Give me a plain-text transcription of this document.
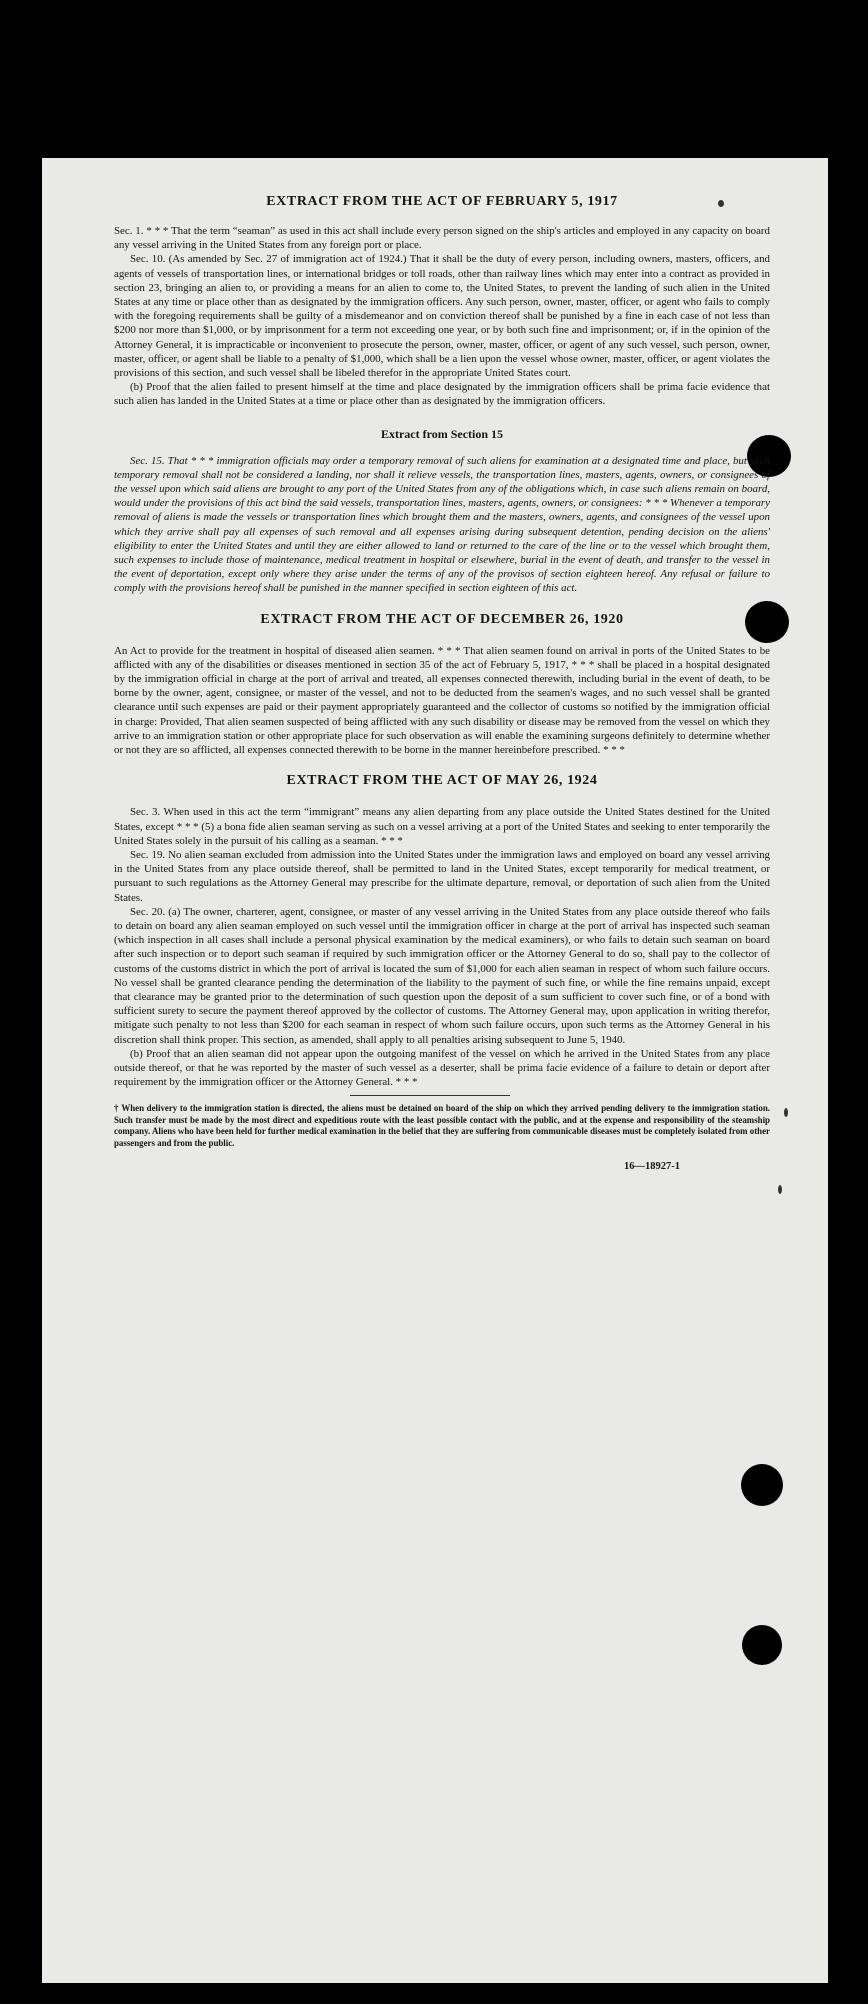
EXTRACT FROM THE ACT OF FEBRUARY 5, 1917

Sec. 1. * * * That the term “seaman” as used in this act shall include every person signed on the ship's articles and employed in any capacity on board any vessel arriving in the United States from any foreign port or place.

Sec. 10. (As amended by Sec. 27 of immigration act of 1924.) That it shall be the duty of every person, including owners, masters, officers, and agents of vessels of transportation lines, or international bridges or toll roads, other than railway lines which may enter into a contract as provided in section 23, bringing an alien to, or providing a means for an alien to come to, the United States, to prevent the landing of such alien in the United States at any time or place other than as designated by the immigration officers. Any such person, owner, master, officer, or agent who fails to comply with the foregoing requirements shall be guilty of a misdemeanor and on conviction thereof shall be punished by a fine in each case of not less than $200 nor more than $1,000, or by imprisonment for a term not exceeding one year, or by both such fine and imprisonment; or, if in the opinion of the Attorney General, it is impracticable or inconvenient to prosecute the person, owner, master, officer, or agent of any such vessel, such person, owner, master, officer, or agent shall be liable to a penalty of $1,000, which shall be a lien upon the vessel whose owner, master, officer, or agent violates the provisions of this section, and such vessel shall be libeled therefor in the appropriate United States court.

(b) Proof that the alien failed to present himself at the time and place designated by the immigration officers shall be prima facie evidence that such alien has landed in the United States at a time or place other than as designated by the immigration officers.

Extract from Section 15

Sec. 15. That * * * immigration officials may order a temporary removal of such aliens for examination at a designated time and place, but such temporary removal shall not be considered a landing, nor shall it relieve vessels, the transportation lines, masters, agents, owners, or consignees of the vessel upon which said aliens are brought to any port of the United States from any of the obligations which, in case such aliens remain on board, would under the provisions of this act bind the said vessels, transportation lines, masters, agents, owners, or consignees: * * * Whenever a temporary removal of aliens is made the vessels or transportation lines which brought them and the masters, owners, agents, and consignees of the vessel upon which they arrive shall pay all expenses of such removal and all expenses arising during subsequent detention, pending decision on the aliens' eligibility to enter the United States and until they are either allowed to land or returned to the care of the line or to the vessel which brought them, such expenses to include those of maintenance, medical treatment in hospital or elsewhere, burial in the event of death, and transfer to the vessel in the event of deportation, except only where they arise under the terms of any of the provisos of section eighteen hereof. Any refusal or failure to comply with the provisions hereof shall be punished in the manner specified in section eighteen of this act.

EXTRACT FROM THE ACT OF DECEMBER 26, 1920

An Act to provide for the treatment in hospital of diseased alien seamen. * * * That alien seamen found on arrival in ports of the United States to be afflicted with any of the disabilities or diseases mentioned in section 35 of the act of February 5, 1917, * * * shall be placed in a hospital designated by the immigration official in charge at the port of arrival and treated, all expenses connected therewith, including burial in the event of death, to be borne by the owner, agent, consignee, or master of the vessel, and not to be deducted from the seamen's wages, and no such vessel shall be granted clearance until such expenses are paid or their payment appropriately guaranteed and the collector of customs so notified by the immigration official in charge: Provided, That alien seamen suspected of being afflicted with any such disability or disease may be removed from the vessel on which they arrive to an immigration station or other appropriate place for such observation as will enable the examining surgeons definitely to determine whether or not they are so afflicted, all expenses connected therewith to be borne in the manner hereinbefore prescribed. * * *

EXTRACT FROM THE ACT OF MAY 26, 1924

Sec. 3. When used in this act the term “immigrant” means any alien departing from any place outside the United States destined for the United States, except * * * (5) a bona fide alien seaman serving as such on a vessel arriving at a port of the United States and seeking to enter temporarily the United States solely in the pursuit of his calling as a seaman. * * *

Sec. 19. No alien seaman excluded from admission into the United States under the immigration laws and employed on board any vessel arriving in the United States from any place outside thereof, shall be permitted to land in the United States, except temporarily for medical treatment, or pursuant to such regulations as the Attorney General may prescribe for the ultimate departure, removal, or deportation of such alien from the United States.

Sec. 20. (a) The owner, charterer, agent, consignee, or master of any vessel arriving in the United States from any place outside thereof who fails to detain on board any alien seaman employed on such vessel until the immigration officer in charge at the port of arrival has inspected such seaman (which inspection in all cases shall include a personal physical examination by the medical examiners), or who fails to detain such seaman on board after such inspection or to deport such seaman if required by such immigration officer or the Attorney General to do so, shall pay to the collector of customs of the customs district in which the port of arrival is located the sum of $1,000 for each alien seaman in respect of whom such failure occurs. No vessel shall be granted clearance pending the determination of the liability to the payment of such fine, or while the fine remains unpaid, except that clearance may be granted prior to the determination of such question upon the deposit of a sum sufficient to cover such fine, or of a bond with sufficient surety to secure the payment thereof approved by the collector of customs. The Attorney General may, upon application in writing therefor, mitigate such penalty to not less than $200 for each seaman in respect of whom such failure occurs, upon such terms as the Attorney General in his discretion shall think proper. This section, as amended, shall apply to all penalties arising subsequent to June 5, 1940.

(b) Proof that an alien seaman did not appear upon the outgoing manifest of the vessel on which he arrived in the United States from any place outside thereof, or that he was reported by the master of such vessel as a deserter, shall be prima facie evidence of a failure to detain or deport after requirement by the immigration officer or the Attorney General. * * *

† When delivery to the immigration station is directed, the aliens must be detained on board of the ship on which they arrived pending delivery to the immigration station. Such transfer must be made by the most direct and expeditious route with the least possible contact with the public, and at the expense and responsibility of the steamship company. Aliens who have been held for further medical examination in the belief that they are suffering from communicable diseases must be completely isolated from other passengers and from the public.

16—18927-1
